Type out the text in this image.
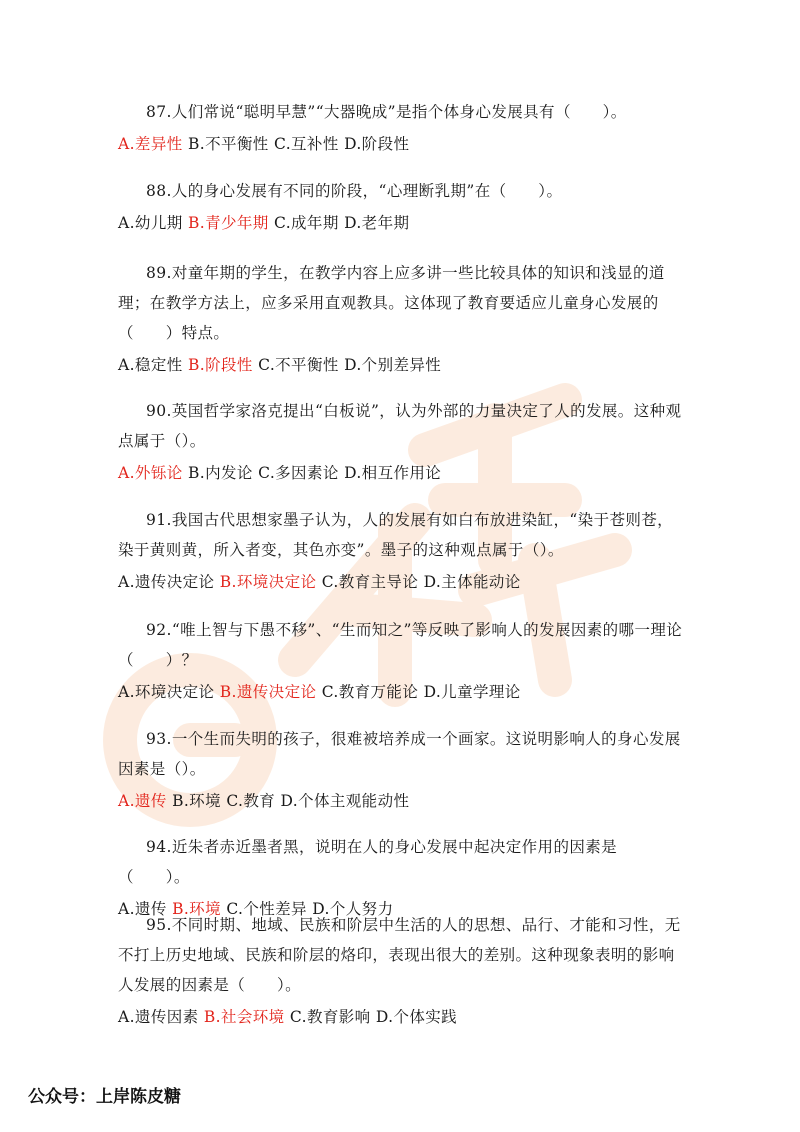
87.人们常说“聪明早慧”“大器晚成”是指个体身心发展具有（　　）。

A.差异性 B.不平衡性 C.互补性 D.阶段性

88.人的身心发展有不同的阶段，“心理断乳期”在（　　）。

A.幼儿期 B.青少年期 C.成年期 D.老年期

89.对童年期的学生，在教学内容上应多讲一些比较具体的知识和浅显的道理；在教学方法上，应多采用直观教具。这体现了教育要适应儿童身心发展的（　　）特点。

A.稳定性 B.阶段性 C.不平衡性 D.个别差异性

90.英国哲学家洛克提出“白板说”，认为外部的力量决定了人的发展。这种观点属于（）。

A.外铄论 B.内发论 C.多因素论 D.相互作用论

91.我国古代思想家墨子认为，人的发展有如白布放进染缸，“染于苍则苍，染于黄则黄，所入者变，其色亦变”。墨子的这种观点属于（）。

A.遗传决定论 B.环境决定论 C.教育主导论 D.主体能动论

92.“唯上智与下愚不移”、“生而知之”等反映了影响人的发展因素的哪一理论（　　）？

A.环境决定论 B.遗传决定论 C.教育万能论 D.儿童学理论

93.一个生而失明的孩子，很难被培养成一个画家。这说明影响人的身心发展因素是（）。

A.遗传 B.环境 C.教育 D.个体主观能动性

94.近朱者赤近墨者黑，说明在人的身心发展中起决定作用的因素是（　　）。

A.遗传 B.环境 C.个性差异 D.个人努力

95.不同时期、地域、民族和阶层中生活的人的思想、品行、才能和习性，无不打上历史地域、民族和阶层的烙印，表现出很大的差别。这种现象表明的影响人发展的因素是（　　）。

A.遗传因素 B.社会环境 C.教育影响 D.个体实践
公众号：上岸陈皮糖
